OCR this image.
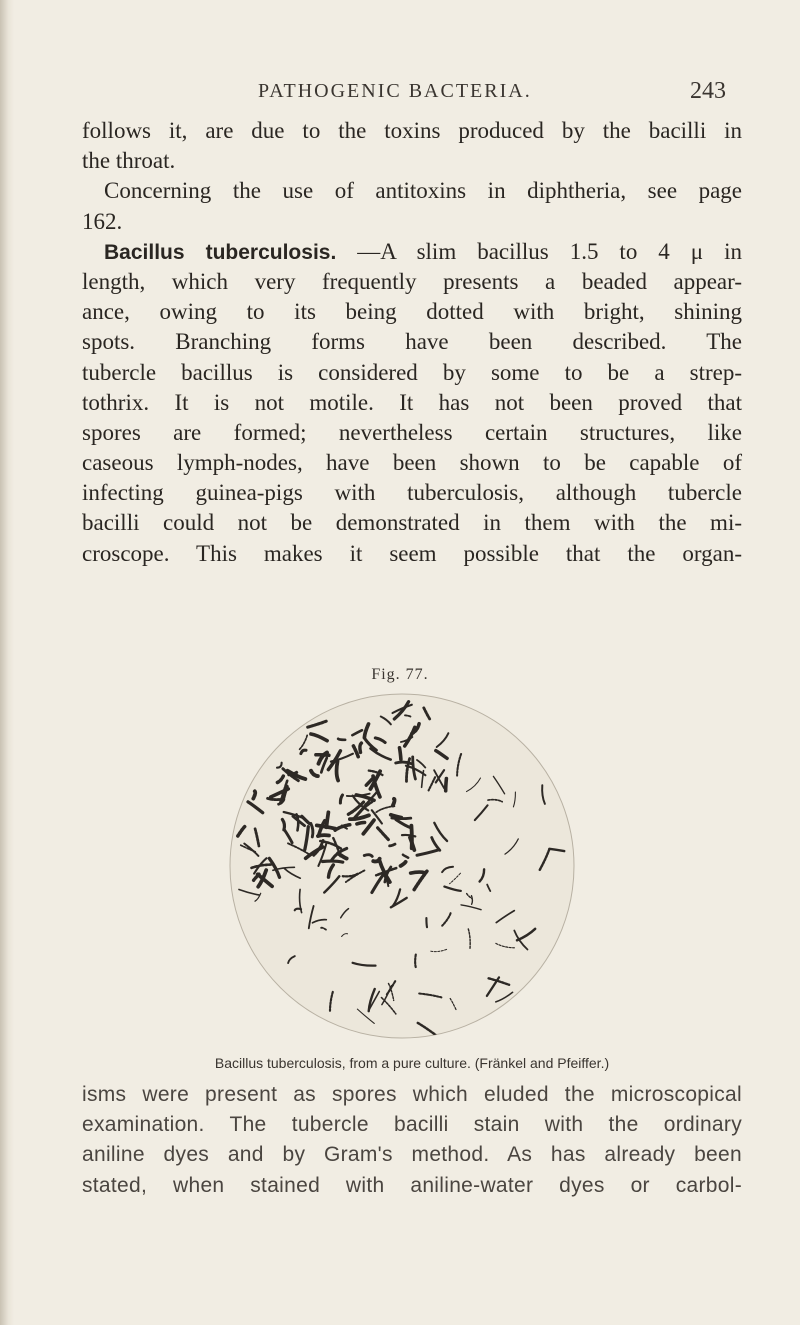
PATHOGENIC BACTERIA.	243
follows it, are due to the toxins produced by the bacilli in
the throat.
Concerning the use of antitoxins in diphtheria, see page
162.
Bacillus tuberculosis. —A slim bacillus 1.5 to 4 μ in
length, which very frequently presents a beaded appear-
ance, owing to its being dotted with bright, shining
spots. Branching forms have been described. The
tubercle bacillus is considered by some to be a strep-
tothrix. It is not motile. It has not been proved that
spores are formed; nevertheless certain structures, like
caseous lymph-nodes, have been shown to be capable of
infecting guinea-pigs with tuberculosis, although tubercle
bacilli could not be demonstrated in them with the mi-
croscope. This makes it seem possible that the organ-
Fig. 77.
Bacillus tuberculosis, from a pure culture. (Fränkel and Pfeiffer.)
isms were present as spores which eluded the microscopical
examination. The tubercle bacilli stain with the ordinary
aniline dyes and by Gram's method. As has already been
stated, when stained with aniline-water dyes or carbol-
